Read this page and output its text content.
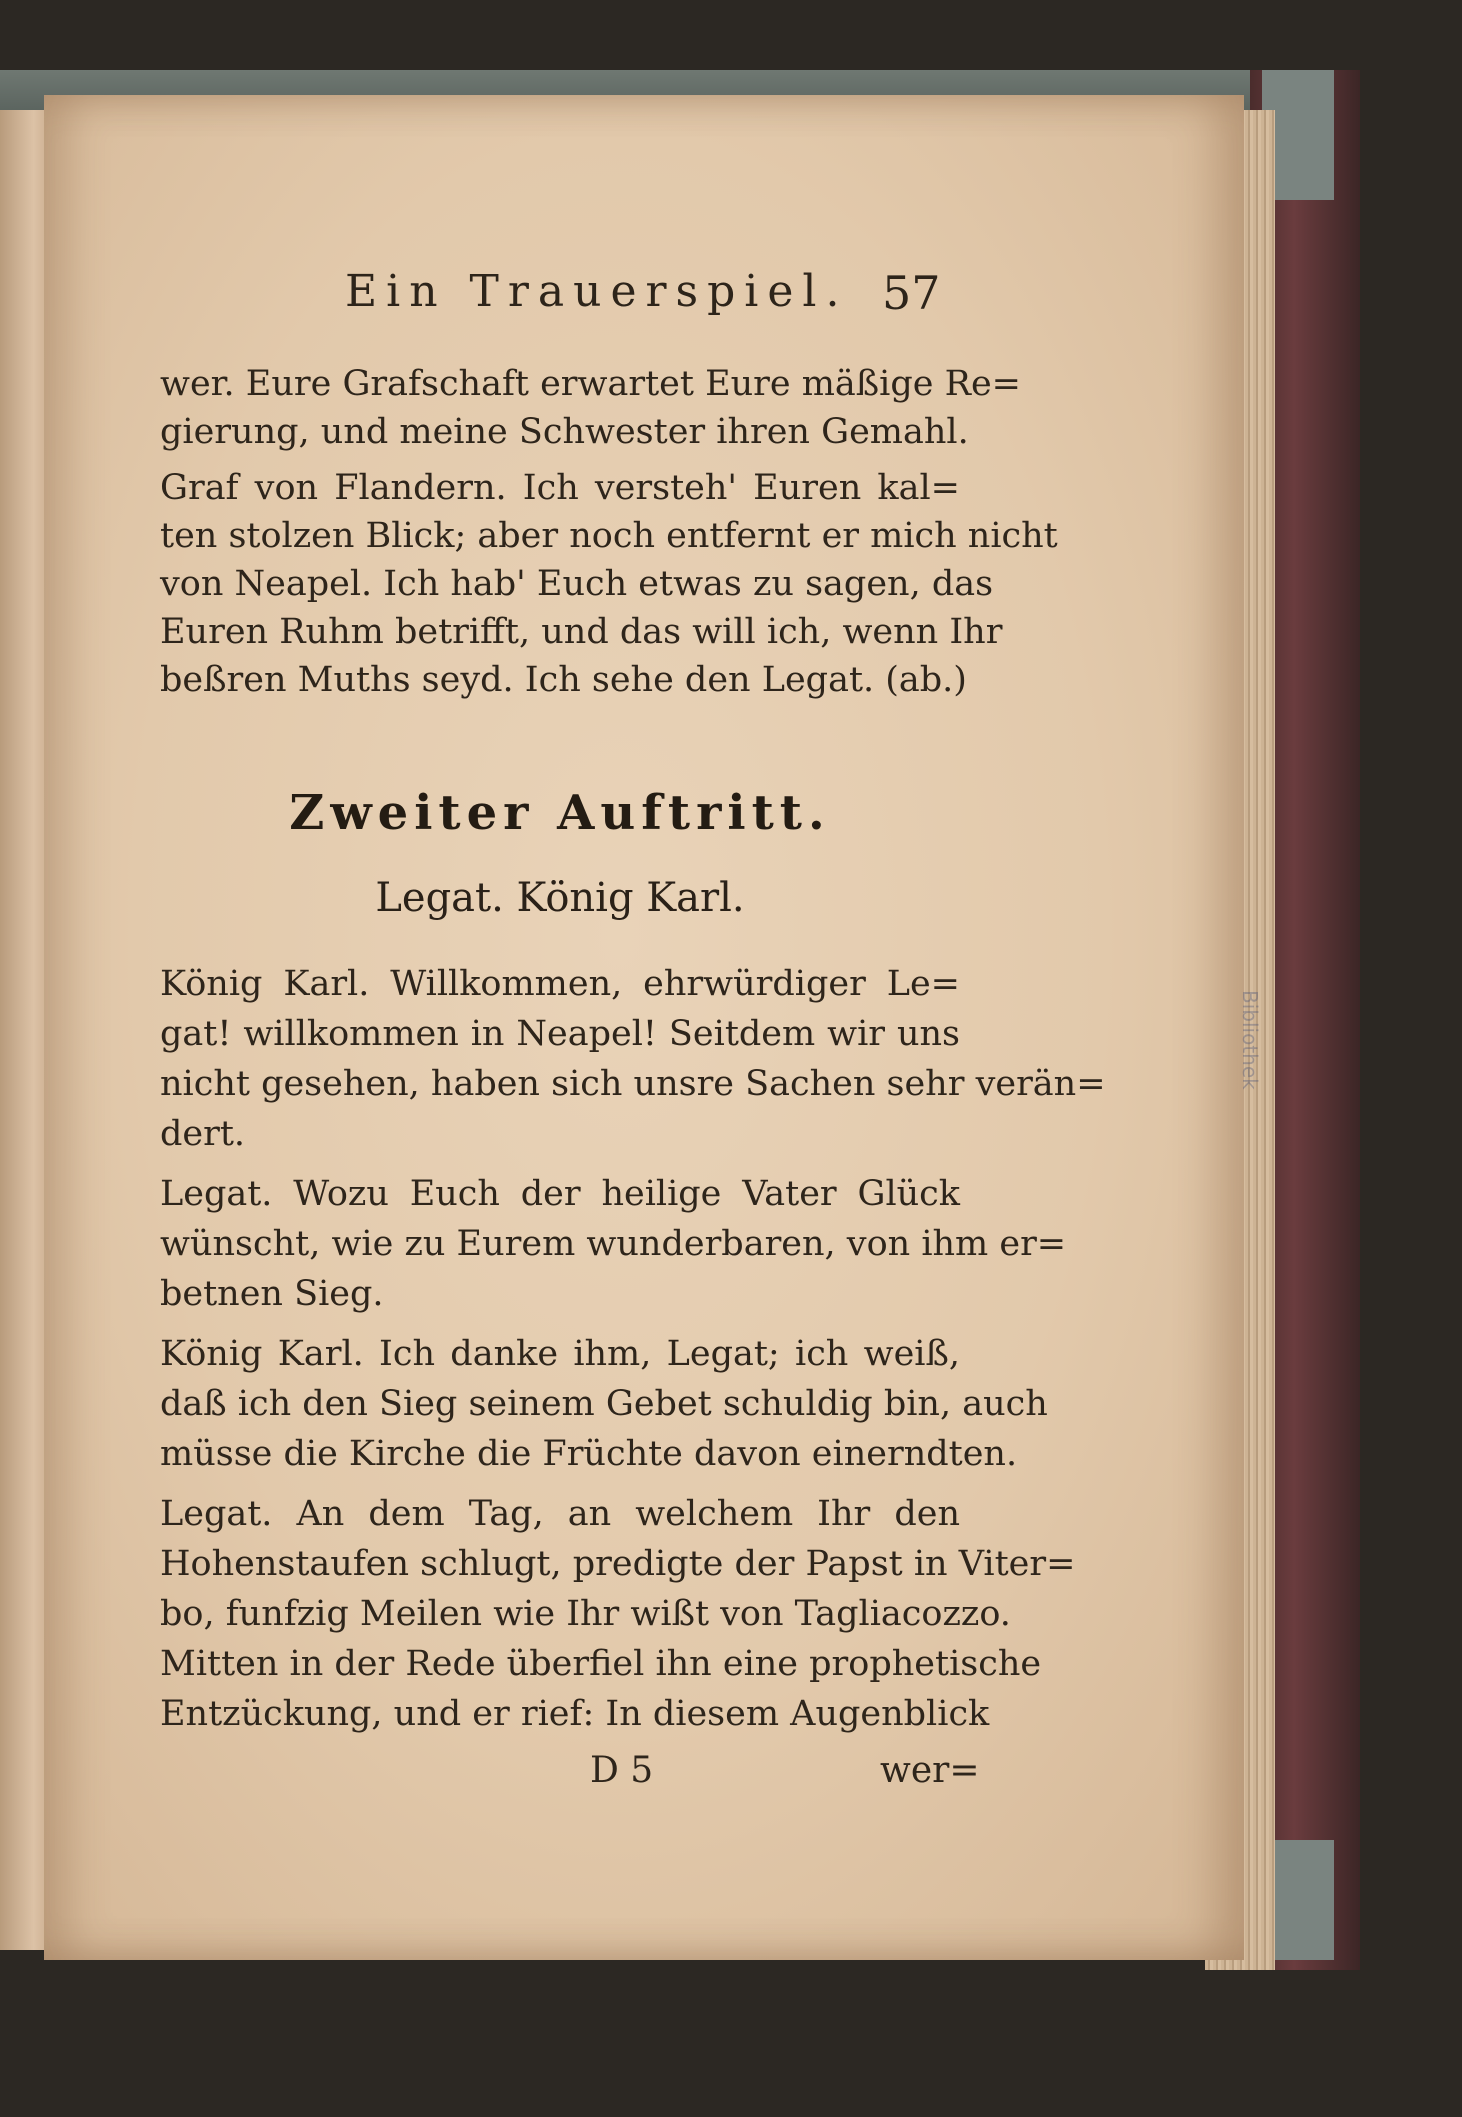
Ein Trauerspiel. 57
wer. Eure Grafschaft erwartet Eure mäßige Re=
gierung, und meine Schwester ihren Gemahl.
Graf von Flandern. Ich versteh' Euren kal=
ten stolzen Blick; aber noch entfernt er mich nicht
von Neapel. Ich hab' Euch etwas zu sagen, das
Euren Ruhm betrifft, und das will ich, wenn Ihr
beßren Muths seyd. Ich sehe den Legat. (ab.)
Zweiter Auftritt.
Legat. König Karl.
König Karl. Willkommen, ehrwürdiger Le=
gat! willkommen in Neapel! Seitdem wir uns
nicht gesehen, haben sich unsre Sachen sehr verän=
dert.
Legat. Wozu Euch der heilige Vater Glück
wünscht, wie zu Eurem wunderbaren, von ihm er=
betnen Sieg.
König Karl. Ich danke ihm, Legat; ich weiß,
daß ich den Sieg seinem Gebet schuldig bin, auch
müsse die Kirche die Früchte davon einerndten.
Legat. An dem Tag, an welchem Ihr den
Hohenstaufen schlugt, predigte der Papst in Viter=
bo, funfzig Meilen wie Ihr wißt von Tagliacozzo.
Mitten in der Rede überfiel ihn eine prophetische
Entzückung, und er rief: In diesem Augenblick
D 5	wer=
Bibliothek
